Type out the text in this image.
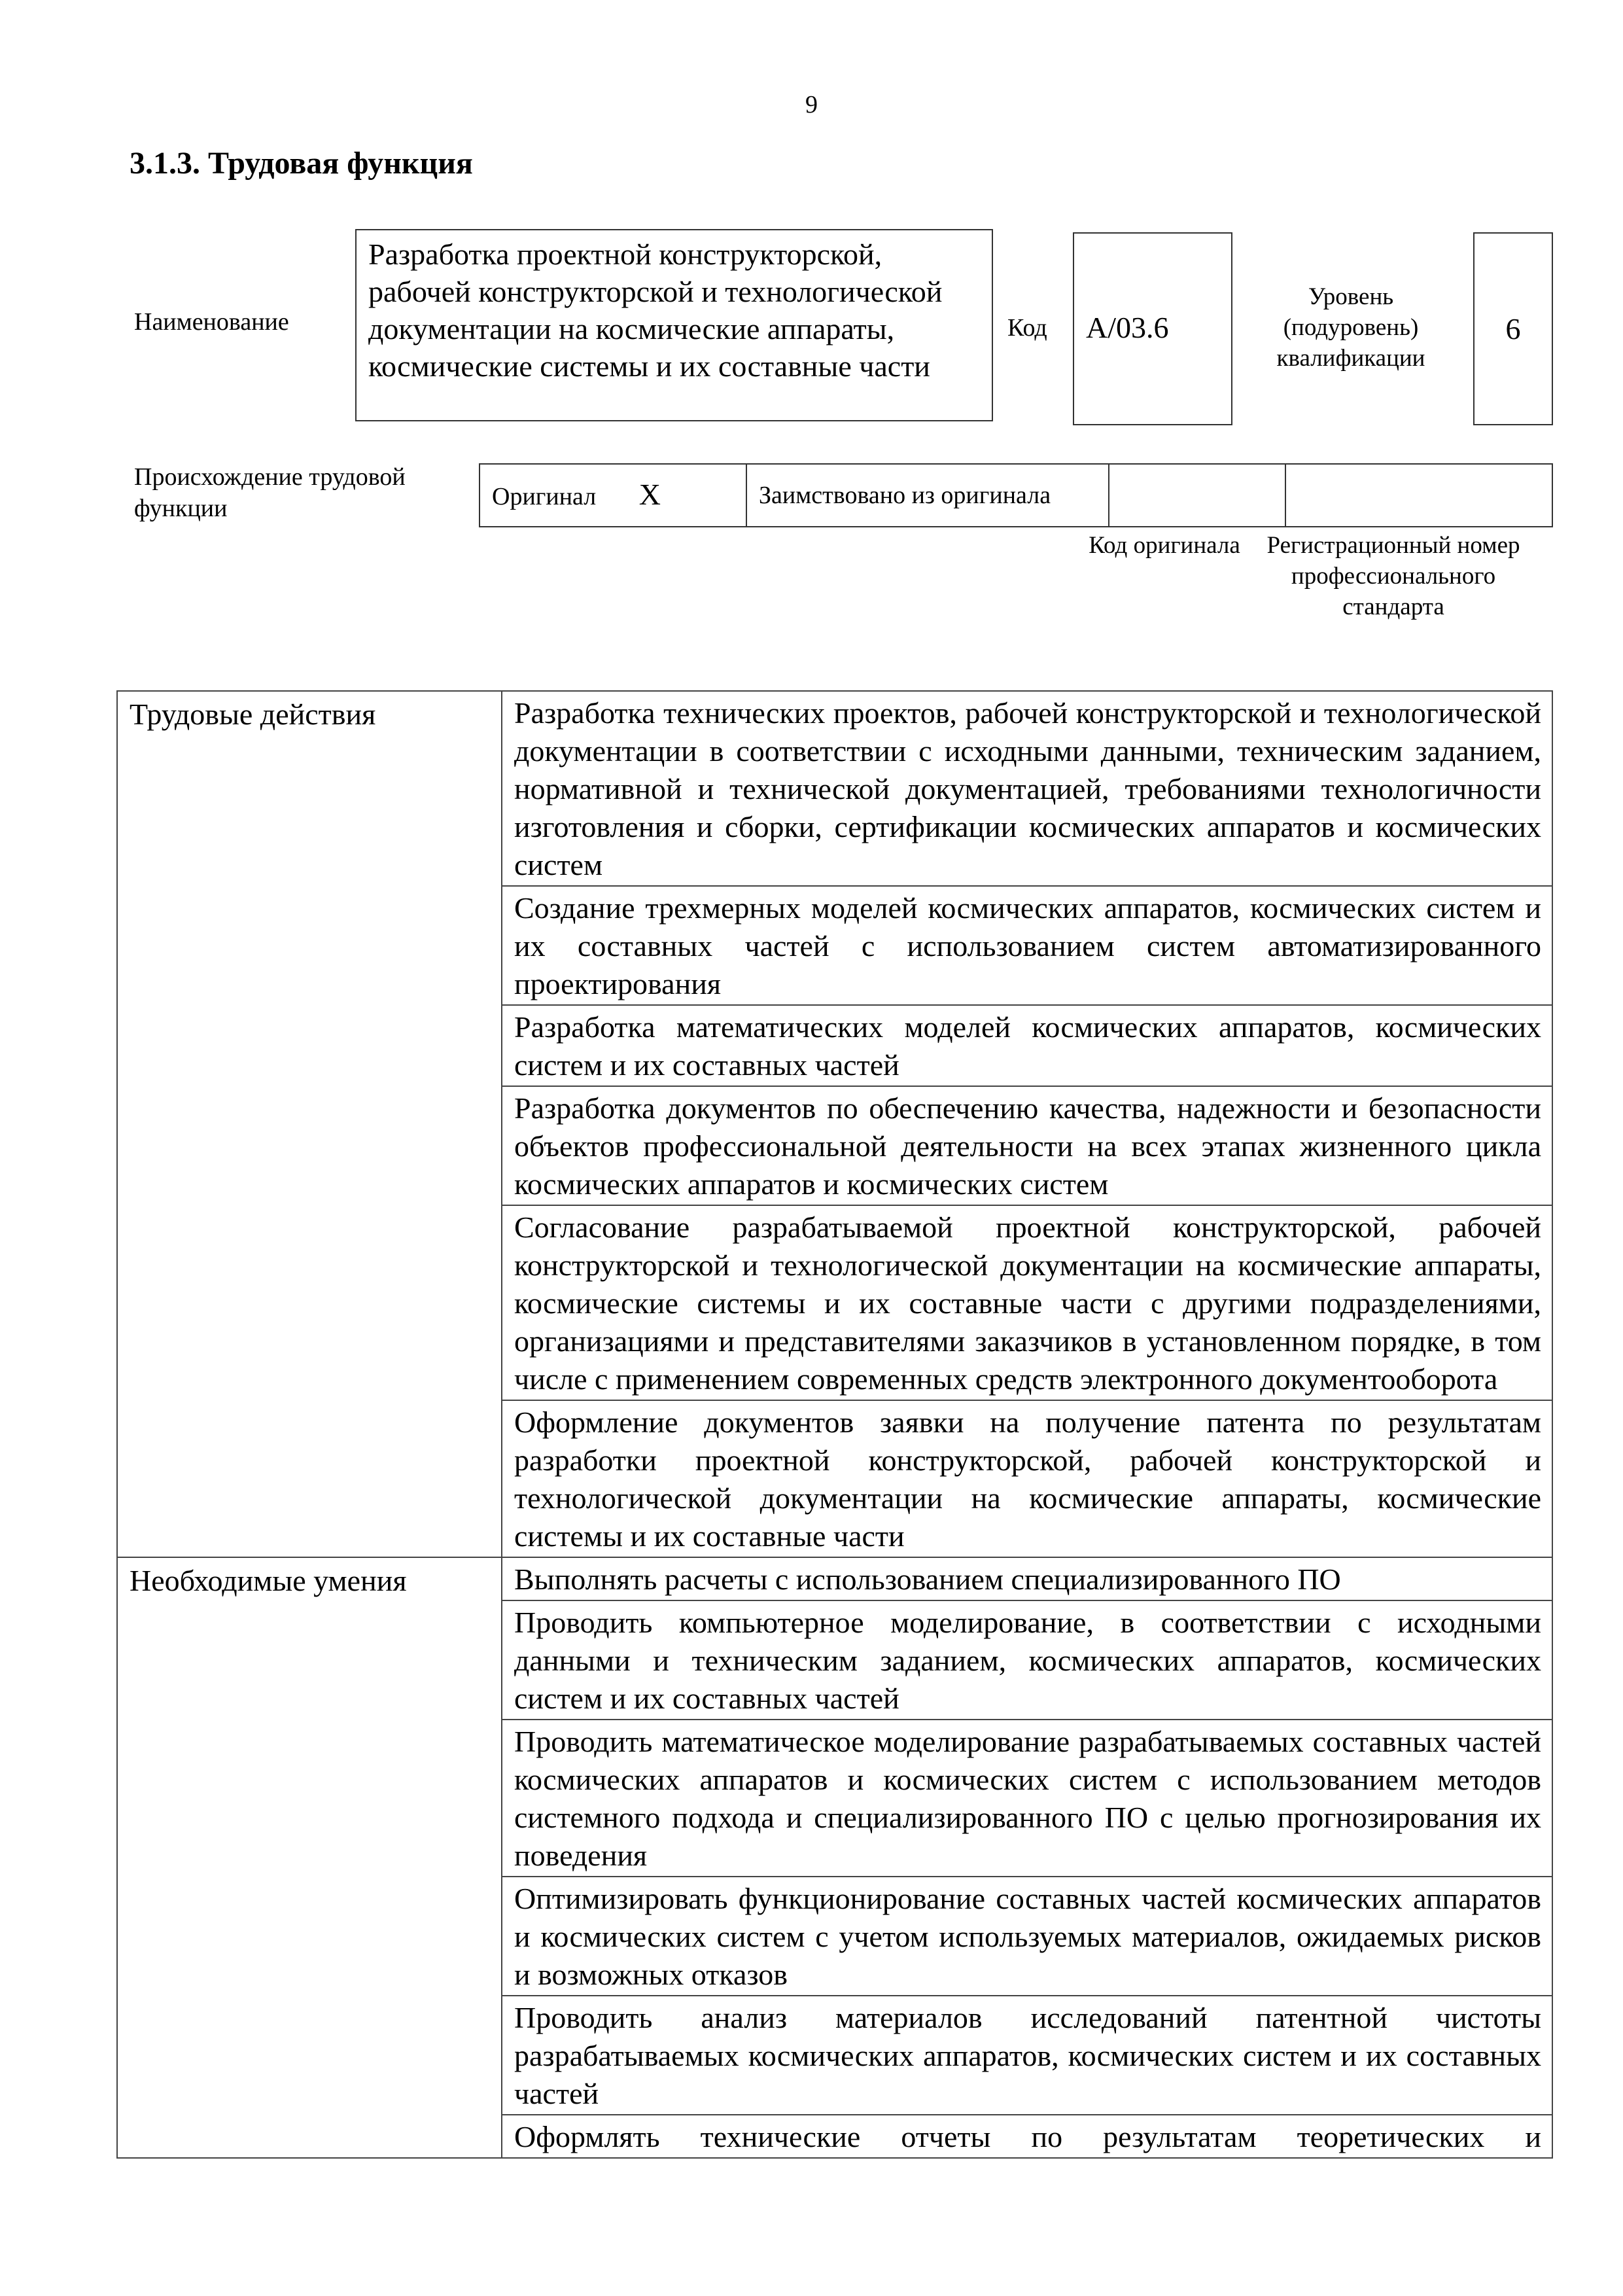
9
3.1.3. Трудовая функция
Наименование
Разработка проектной конструкторской, рабочей конструкторской и технологической документации на космические аппараты, космические системы и их составные части
Код А/03.6
Уровень (подуровень) квалификации
6
Происхождение трудовой функции	Оригинал Х	Заимствовано из оригинала		
Код оригинала	Регистрационный номер профессионального стандарта
Трудовые действия	Разработка технических проектов, рабочей конструкторской и технологической документации в соответствии с исходными данными, техническим заданием, нормативной и технической документацией, требованиями технологичности изготовления и сборки, сертификации космических аппаратов и космических систем
	Создание трехмерных моделей космических аппаратов, космических систем и их составных частей с использованием систем автоматизированного проектирования
	Разработка математических моделей космических аппаратов, космических систем и их составных частей
	Разработка документов по обеспечению качества, надежности и безопасности объектов профессиональной деятельности на всех этапах жизненного цикла космических аппаратов и космических систем
	Согласование разрабатываемой проектной конструкторской, рабочей конструкторской и технологической документации на космические аппараты, космические системы и их составные части с другими подразделениями, организациями и представителями заказчиков в установленном порядке, в том числе с применением современных средств электронного документооборота
	Оформление документов заявки на получение патента по результатам разработки проектной конструкторской, рабочей конструкторской и технологической документации на космические аппараты, космические системы и их составные части
Необходимые умения	Выполнять расчеты с использованием специализированного ПО
	Проводить компьютерное моделирование, в соответствии с исходными данными и техническим заданием, космических аппаратов, космических систем и их составных частей
	Проводить математическое моделирование разрабатываемых составных частей космических аппаратов и космических систем с использованием методов системного подхода и специализированного ПО с целью прогнозирования их поведения
	Оптимизировать функционирование составных частей космических аппаратов и космических систем с учетом используемых материалов, ожидаемых рисков и возможных отказов
	Проводить анализ материалов исследований патентной чистоты разрабатываемых космических аппаратов, космических систем и их составных частей
	Оформлять технические отчеты по результатам теоретических и
